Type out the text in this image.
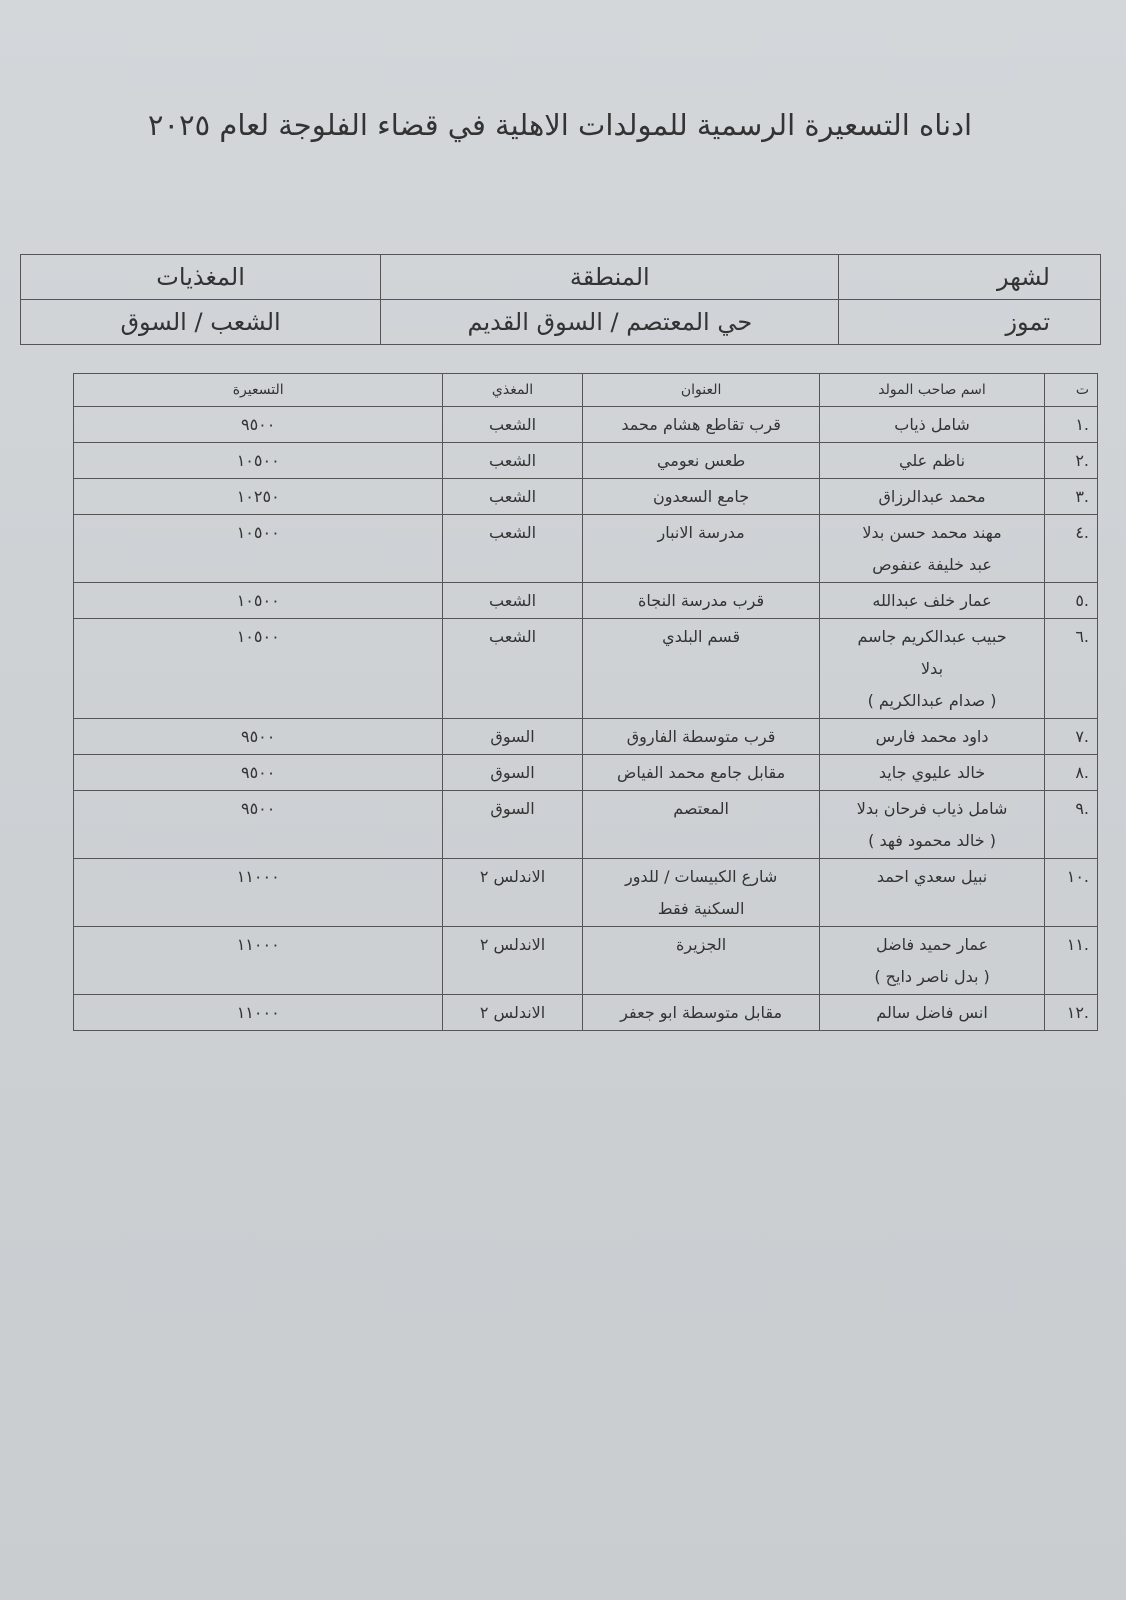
ادناه التسعيرة الرسمية للمولدات الاهلية في قضاء الفلوجة لعام ٢٠٢٥
لشهر	المنطقة	المغذيات
تموز	حي المعتصم / السوق القديم	الشعب / السوق
ت	اسم صاحب المولد	العنوان	المغذي	التسعيرة
.١	شامل ذياب	قرب تقاطع هشام محمد	الشعب	٩٥٠٠
.٢	ناظم علي	طعس نعومي	الشعب	١٠٥٠٠
.٣	محمد عبدالرزاق	جامع السعدون	الشعب	١٠٢٥٠
.٤	مهند محمد حسن بدلا
عبد خليفة عنفوص	مدرسة الانبار	الشعب	١٠٥٠٠
.٥	عمار خلف عبدالله	قرب مدرسة النجاة	الشعب	١٠٥٠٠
.٦	حبيب عبدالكريم جاسم
بدلا
( صدام عبدالكريم )	قسم البلدي	الشعب	١٠٥٠٠
.٧	داود محمد فارس	قرب متوسطة الفاروق	السوق	٩٥٠٠
.٨	خالد عليوي جايد	مقابل جامع محمد الفياض	السوق	٩٥٠٠
.٩	شامل ذياب فرحان بدلا
( خالد محمود فهد )	المعتصم	السوق	٩٥٠٠
.١٠	نبيل سعدي احمد	شارع الكبيسات / للدور
السكنية فقط	الاندلس ٢	١١٠٠٠
.١١	عمار حميد فاضل
( بدل ناصر دايح )	الجزيرة	الاندلس ٢	١١٠٠٠
.١٢	انس فاضل سالم	مقابل متوسطة ابو جعفر	الاندلس ٢	١١٠٠٠
